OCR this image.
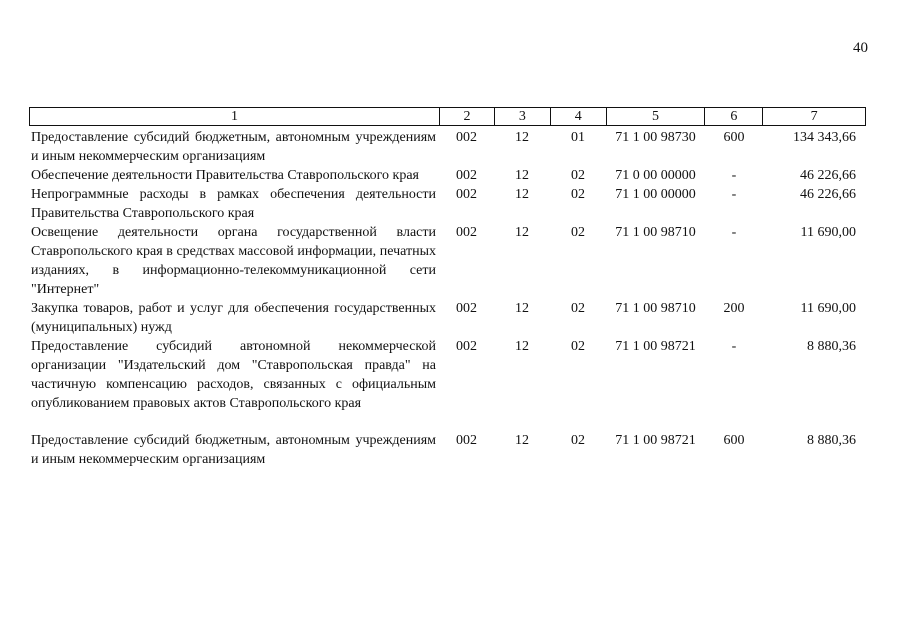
40
1	2	3	4	5	6	7
Предоставление субсидий бюджетным, автономным учреждениям и иным некоммерческим организациям
002	12	01	71 1 00 98730	600	134 343,66
Обеспечение деятельности Правительства Ставропольского края	002	12	02	71 0 00 00000	-	46 226,66
Непрограммные расходы в рамках обеспечения деятельности Правительства Ставропольского края
002	12	02	71 1 00 00000	-	46 226,66
Освещение деятельности органа государственной власти Ставропольского края в средствах массовой информации, печатных изданиях, в информационно-телекоммуникационной сети "Интернет"
002	12	02	71 1 00 98710	-	11 690,00
Закупка товаров, работ и услуг для обеспечения государственных (муниципальных) нужд
002	12	02	71 1 00 98710	200	11 690,00
Предоставление субсидий автономной некоммерческой организации "Издательский дом "Ставропольская правда" на частичную компенсацию расходов, связанных с официальным опубликованием правовых актов Ставропольского края
002	12	02	71 1 00 98721	-	8 880,36
Предоставление субсидий бюджетным, автономным учреждениям и иным некоммерческим организациям
002	12	02	71 1 00 98721	600	8 880,36
